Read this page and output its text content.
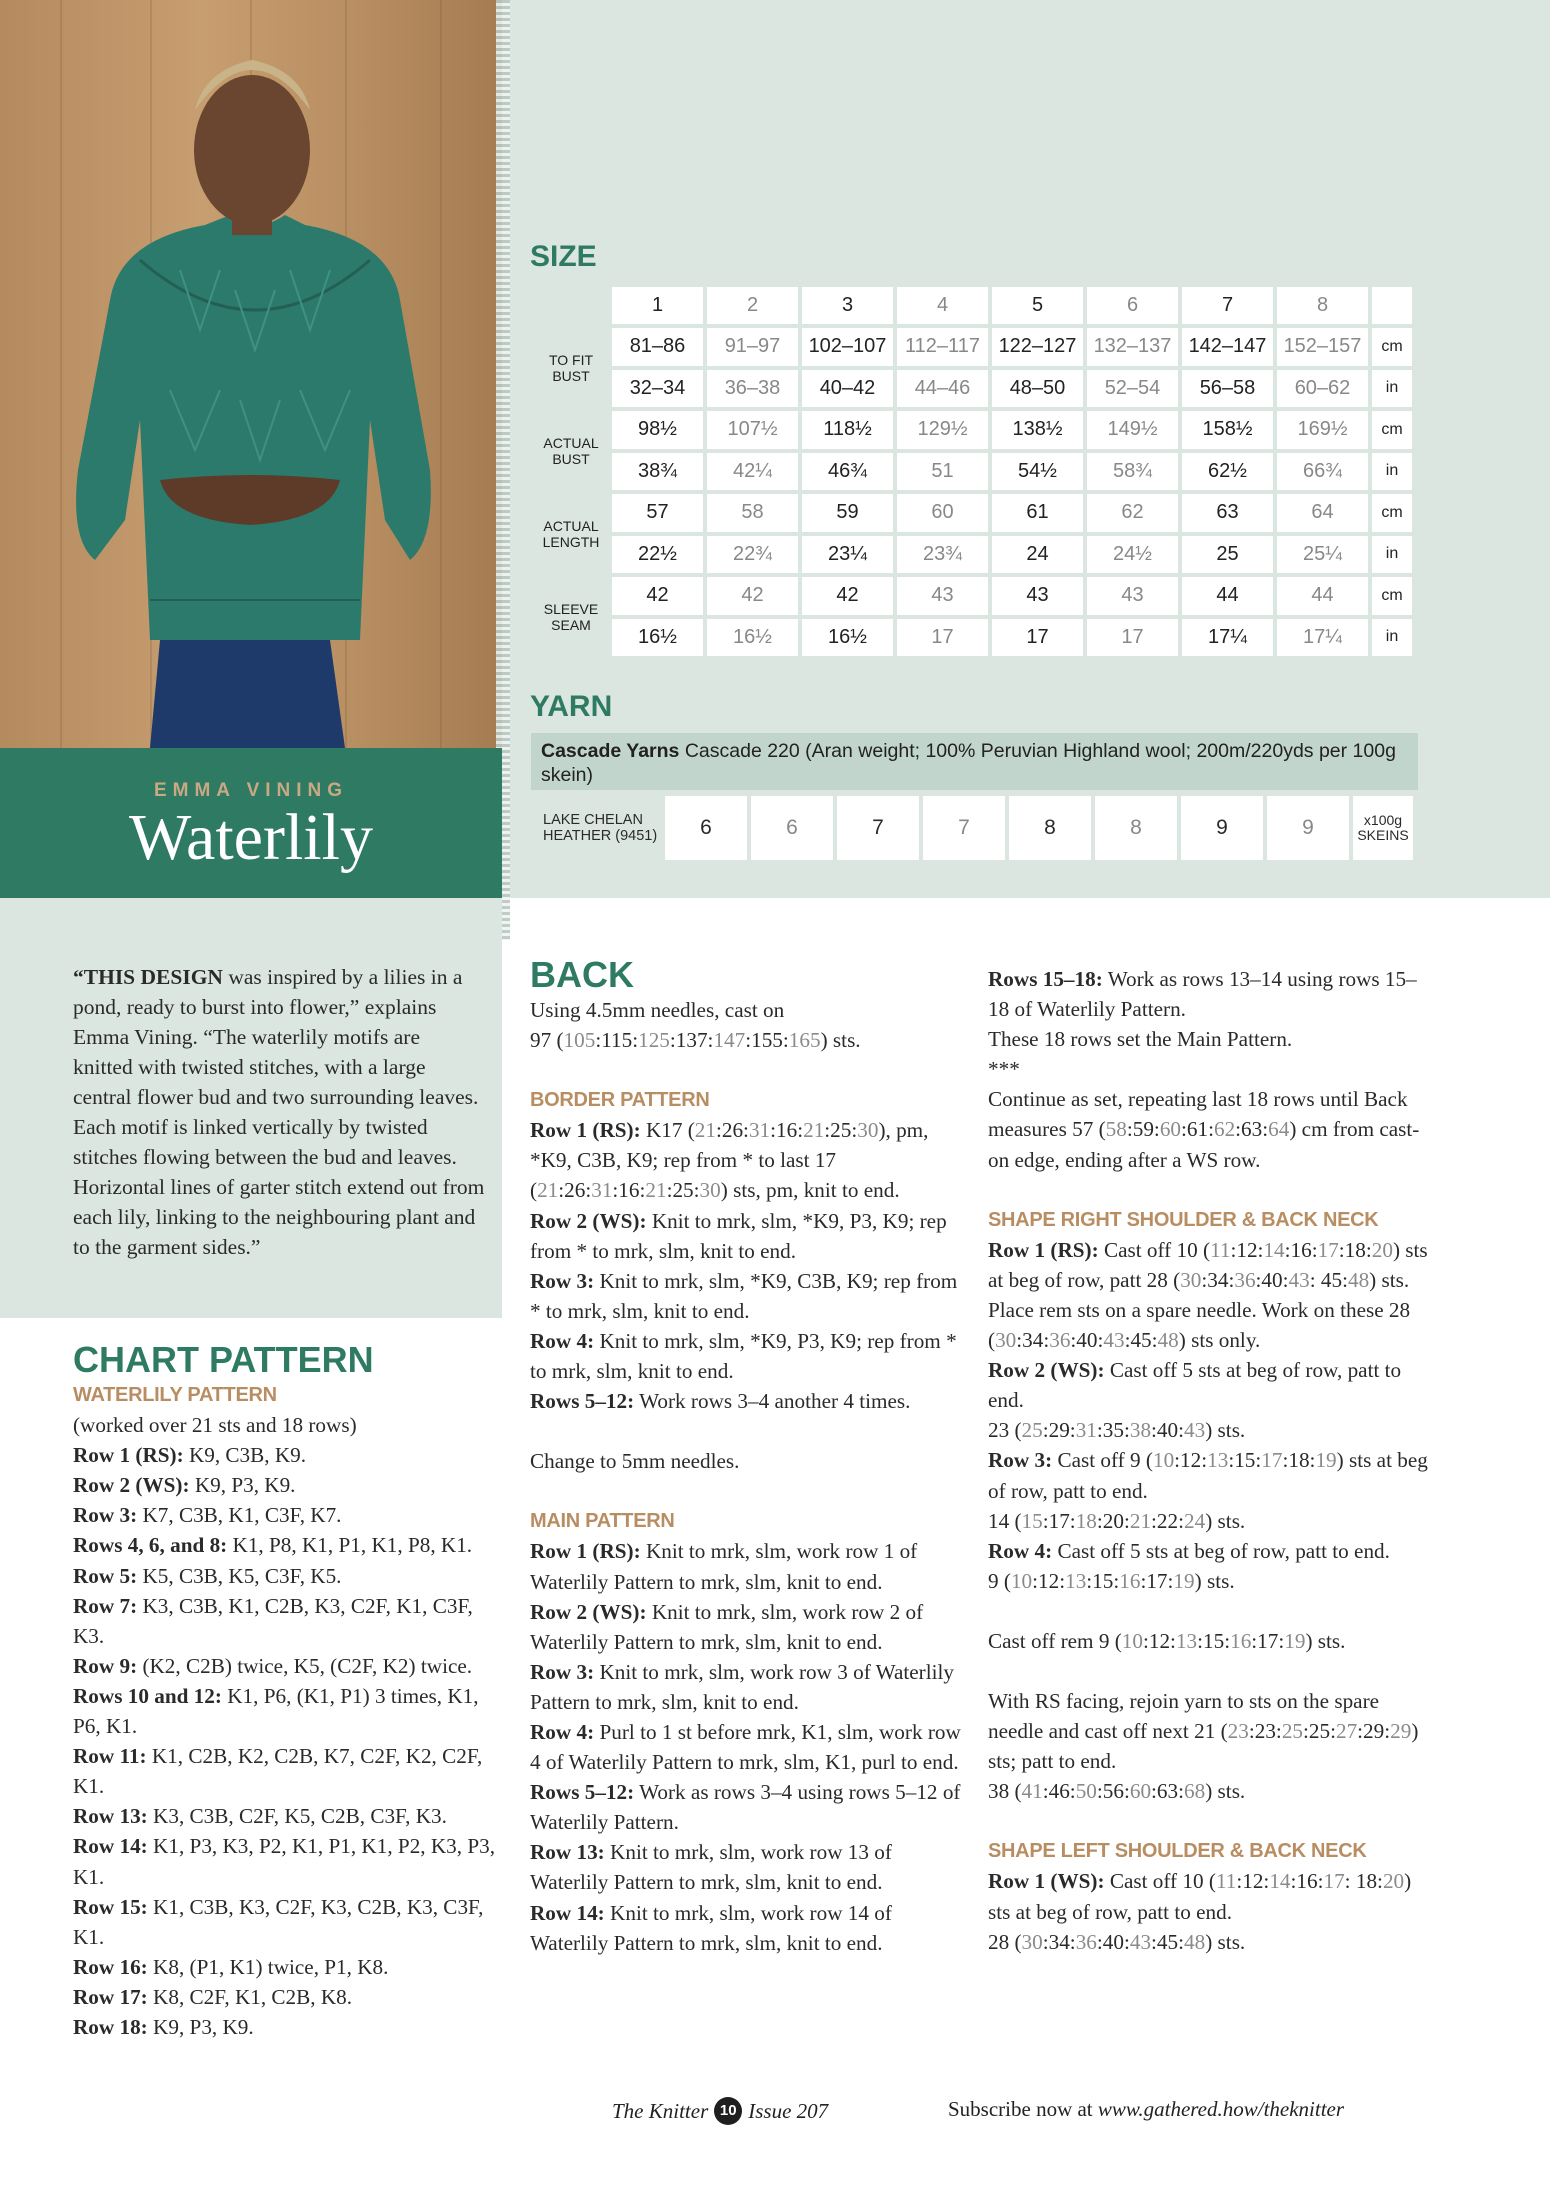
EMMA VINING
Waterlily
SIZE
	1	2	3	4	5	6	7	8	
TO FIT BUST	81–86	91–97	102–107	112–117	122–127	132–137	142–147	152–157	cm
	32–34	36–38	40–42	44–46	48–50	52–54	56–58	60–62	in
ACTUAL BUST	98½	107½	118½	129½	138½	149½	158½	169½	cm
	38¾	42¼	46¾	51	54½	58¾	62½	66¾	in
ACTUAL LENGTH	57	58	59	60	61	62	63	64	cm
	22½	22¾	23¼	23¾	24	24½	25	25¼	in
SLEEVE SEAM	42	42	42	43	43	43	44	44	cm
	16½	16½	16½	17	17	17	17¼	17¼	in
YARN
Cascade Yarns Cascade 220 (Aran weight; 100% Peruvian Highland wool; 200m/220yds per 100g skein)
LAKE CHELAN HEATHER (9451)	6	6	7	7	8	8	9	9	x100g SKEINS
“THIS DESIGN was inspired by a lilies in a pond, ready to burst into flower,” explains Emma Vining. “The waterlily motifs are knitted with twisted stitches, with a large central flower bud and two surrounding leaves. Each motif is linked vertically by twisted stitches flowing between the bud and leaves. Horizontal lines of garter stitch extend out from each lily, linking to the neighbouring plant and to the garment sides.”

CHART PATTERN

WATERLILY PATTERN

(worked over 21 sts and 18 rows)

Row 1 (RS): K9, C3B, K9.

Row 2 (WS): K9, P3, K9.

Row 3: K7, C3B, K1, C3F, K7.

Rows 4, 6, and 8: K1, P8, K1, P1, K1, P8, K1.

Row 5: K5, C3B, K5, C3F, K5.

Row 7: K3, C3B, K1, C2B, K3, C2F, K1, C3F, K3.

Row 9: (K2, C2B) twice, K5, (C2F, K2) twice.

Rows 10 and 12: K1, P6, (K1, P1) 3 times, K1, P6, K1.

Row 11: K1, C2B, K2, C2B, K7, C2F, K2, C2F, K1.

Row 13: K3, C3B, C2F, K5, C2B, C3F, K3.

Row 14: K1, P3, K3, P2, K1, P1, K1, P2, K3, P3, K1.

Row 15: K1, C3B, K3, C2F, K3, C2B, K3, C3F, K1.

Row 16: K8, (P1, K1) twice, P1, K8.

Row 17: K8, C2F, K1, C2B, K8.

Row 18: K9, P3, K9.

BACK

Using 4.5mm needles, cast on

97 (105:115:125:137:147:155:165) sts.

BORDER PATTERN

Row 1 (RS): K17 (21:26:31:16:21:25:30), pm, *K9, C3B, K9; rep from * to last 17 (21:26:31:16:21:25:30) sts, pm, knit to end.

Row 2 (WS): Knit to mrk, slm, *K9, P3, K9; rep from * to mrk, slm, knit to end.

Row 3: Knit to mrk, slm, *K9, C3B, K9; rep from * to mrk, slm, knit to end.

Row 4: Knit to mrk, slm, *K9, P3, K9; rep from * to mrk, slm, knit to end.

Rows 5–12: Work rows 3–4 another 4 times.

Change to 5mm needles.

MAIN PATTERN

Row 1 (RS): Knit to mrk, slm, work row 1 of Waterlily Pattern to mrk, slm, knit to end.

Row 2 (WS): Knit to mrk, slm, work row 2 of Waterlily Pattern to mrk, slm, knit to end.

Row 3: Knit to mrk, slm, work row 3 of Waterlily Pattern to mrk, slm, knit to end.

Row 4: Purl to 1 st before mrk, K1, slm, work row 4 of Waterlily Pattern to mrk, slm, K1, purl to end.

Rows 5–12: Work as rows 3–4 using rows 5–12 of Waterlily Pattern.

Row 13: Knit to mrk, slm, work row 13 of Waterlily Pattern to mrk, slm, knit to end.

Row 14: Knit to mrk, slm, work row 14 of Waterlily Pattern to mrk, slm, knit to end.

Rows 15–18: Work as rows 13–14 using rows 15–18 of Waterlily Pattern.

These 18 rows set the Main Pattern.

***

Continue as set, repeating last 18 rows until Back measures 57 (58:59:60:61:62:63:64) cm from cast-on edge, ending after a WS row.

SHAPE RIGHT SHOULDER & BACK NECK

Row 1 (RS): Cast off 10 (11:12:14:16:17:18:20) sts at beg of row, patt 28 (30:34:36:40:43: 45:48) sts. Place rem sts on a spare needle. Work on these 28 (30:34:36:40:43:45:48) sts only.

Row 2 (WS): Cast off 5 sts at beg of row, patt to end.

23 (25:29:31:35:38:40:43) sts.

Row 3: Cast off 9 (10:12:13:15:17:18:19) sts at beg of row, patt to end.

14 (15:17:18:20:21:22:24) sts.

Row 4: Cast off 5 sts at beg of row, patt to end.

9 (10:12:13:15:16:17:19) sts.

Cast off rem 9 (10:12:13:15:16:17:19) sts.

With RS facing, rejoin yarn to sts on the spare needle and cast off next 21 (23:23:25:25:27:29:29) sts; patt to end.

38 (41:46:50:56:60:63:68) sts.

SHAPE LEFT SHOULDER & BACK NECK

Row 1 (WS): Cast off 10 (11:12:14:16:17: 18:20) sts at beg of row, patt to end.

28 (30:34:36:40:43:45:48) sts.

The Knitter 10 Issue 207	Subscribe now at www.gathered.how/theknitter
